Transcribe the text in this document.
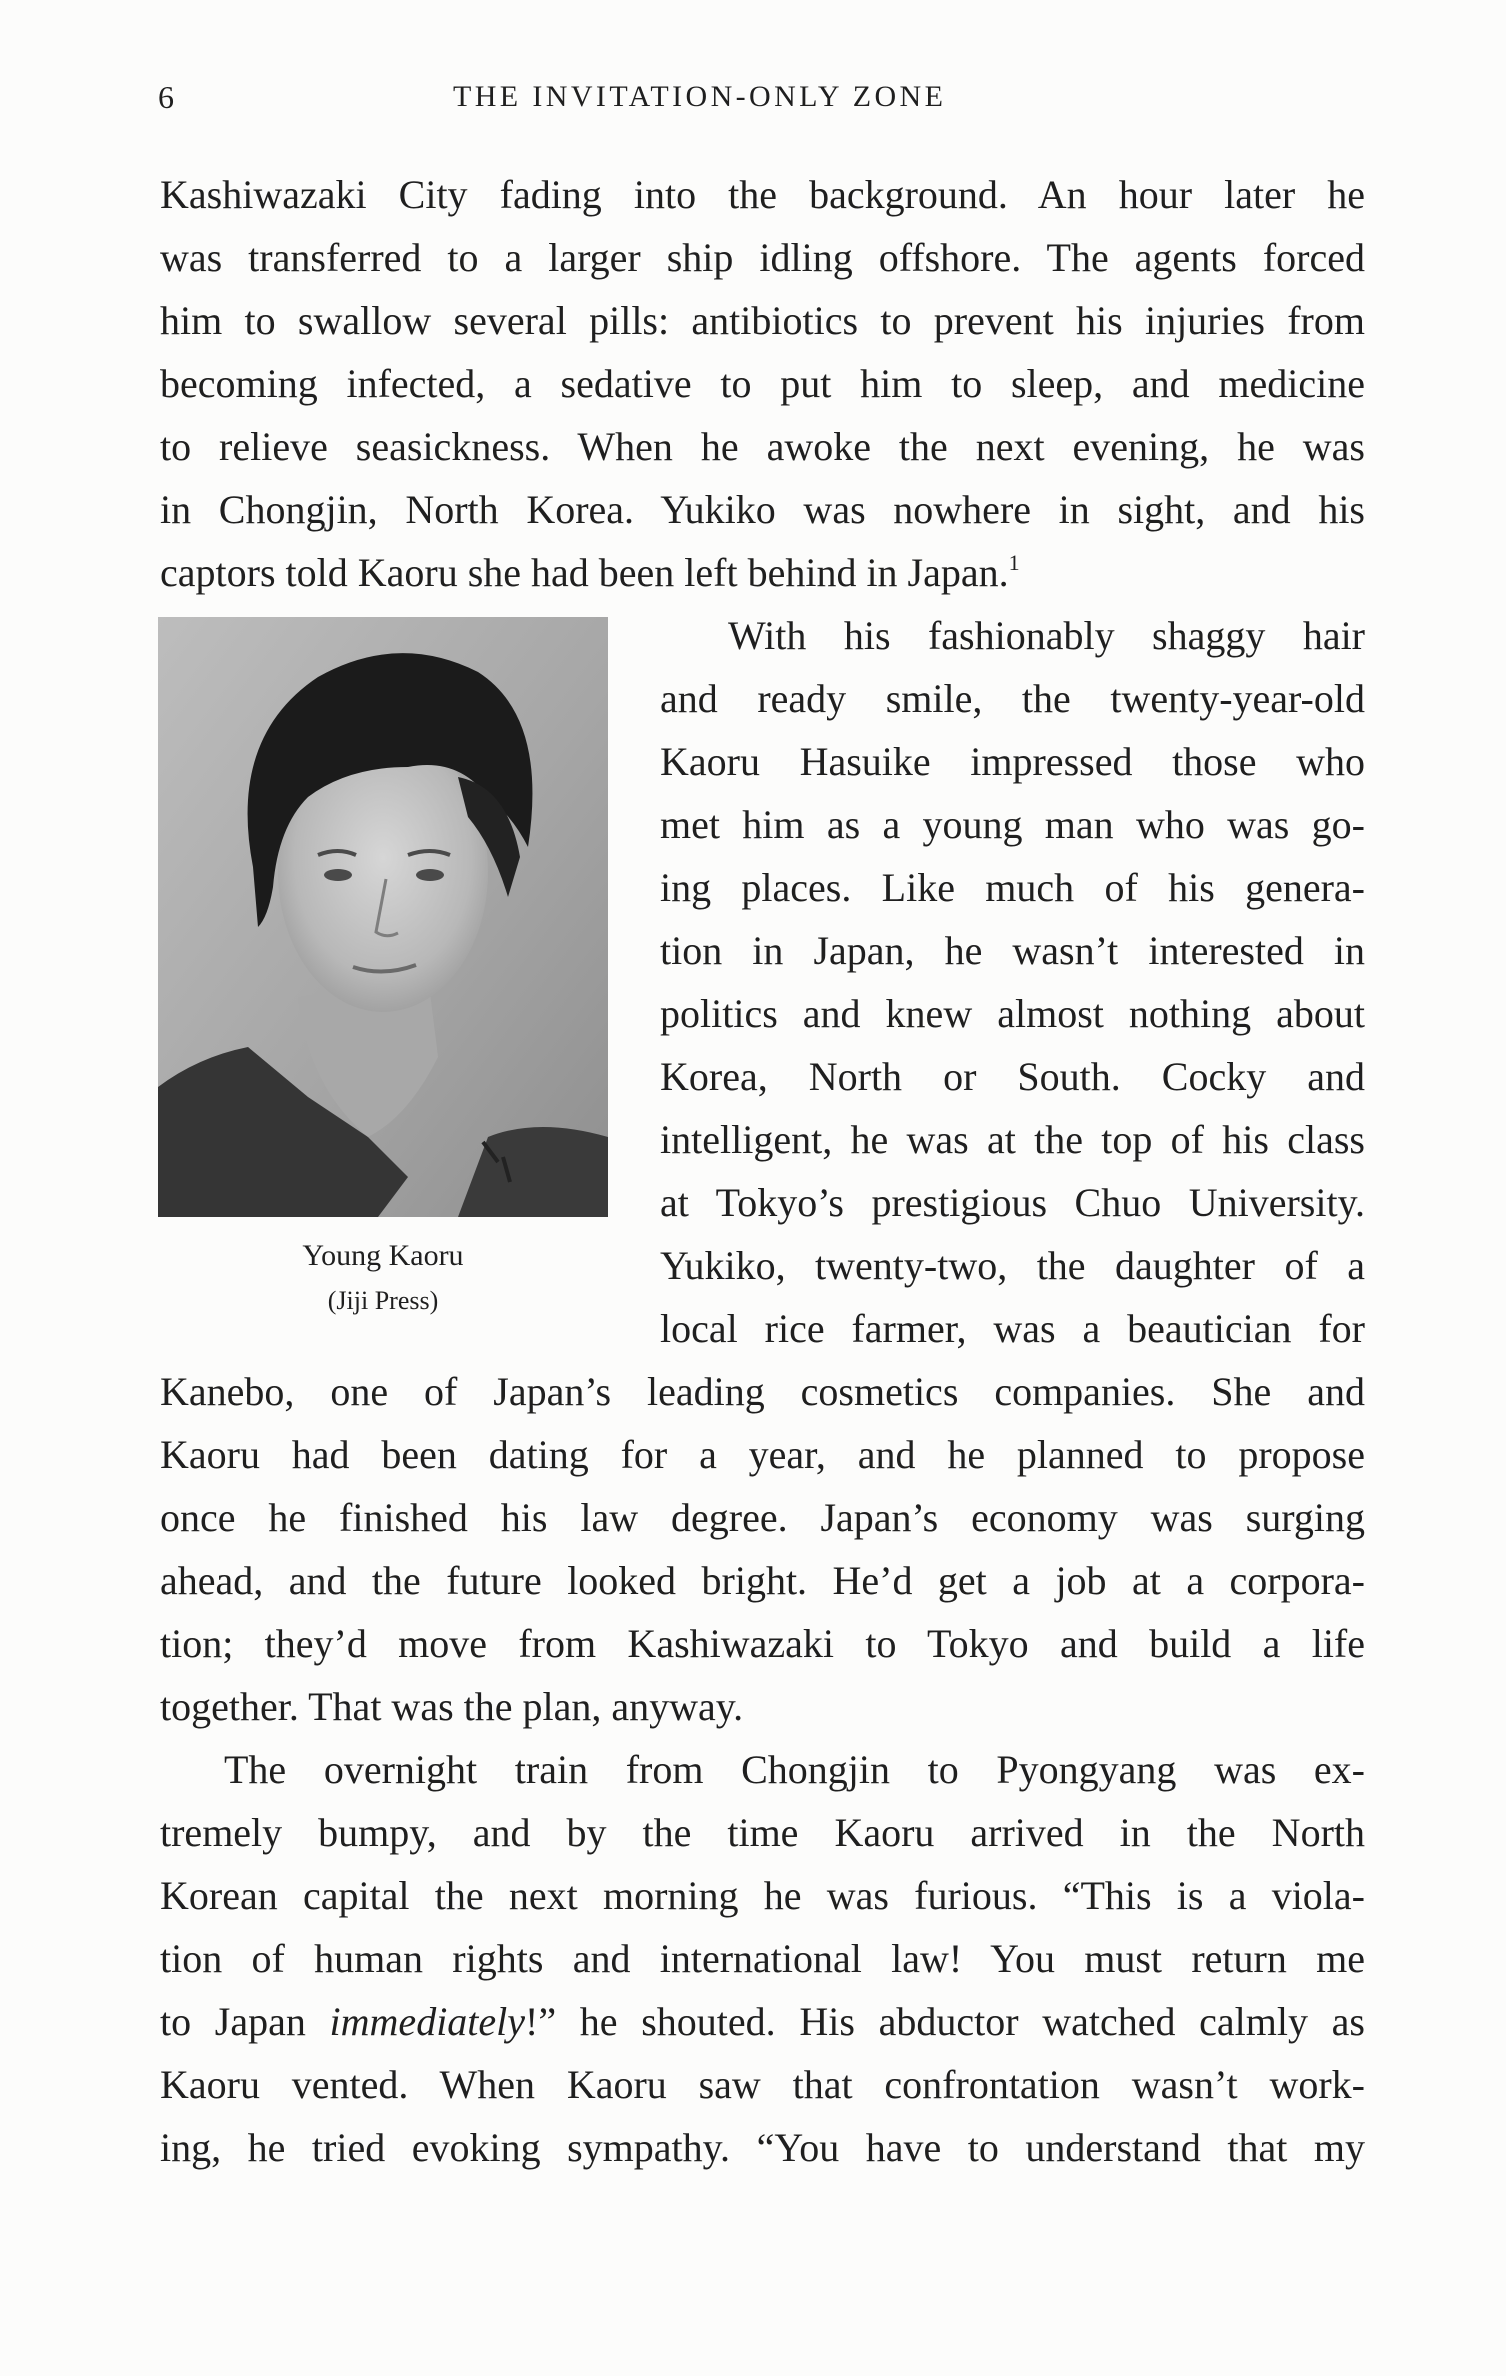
6	THE INVITATION-ONLY ZONE
Kashiwazaki City fading into the background. An hour later he
was transferred to a larger ship idling offshore. The agents forced
him to swallow several pills: antibiotics to prevent his injuries from
becoming infected, a sedative to put him to sleep, and medicine
to relieve seasickness. When he awoke the next evening, he was
in Chongjin, North Korea. Yukiko was nowhere in sight, and his
captors told Kaoru she had been left behind in Japan.$^1$
With his fashionably shaggy hair
and ready smile, the twenty-year-old
Kaoru Hasuike impressed those who
met him as a young man who was go-
ing places. Like much of his genera-
tion in Japan, he wasn’t interested in
politics and knew almost nothing about
Korea, North or South. Cocky and
intelligent, he was at the top of his class
at Tokyo’s prestigious Chuo University.
Yukiko, twenty-two, the daughter of a
local rice farmer, was a beautician for
Kanebo, one of Japan’s leading cosmetics companies. She and
Kaoru had been dating for a year, and he planned to propose
once he finished his law degree. Japan’s economy was surging
ahead, and the future looked bright. He’d get a job at a corpora-
tion; they’d move from Kashiwazaki to Tokyo and build a life
together. That was the plan, anyway.
The overnight train from Chongjin to Pyongyang was ex-
tremely bumpy, and by the time Kaoru arrived in the North
Korean capital the next morning he was furious. “This is a viola-
tion of human rights and international law! You must return me
to Japan immediately!” he shouted. His abductor watched calmly as
Kaoru vented. When Kaoru saw that confrontation wasn’t work-
ing, he tried evoking sympathy. “You have to understand that my
Young Kaoru
(Jiji Press)
